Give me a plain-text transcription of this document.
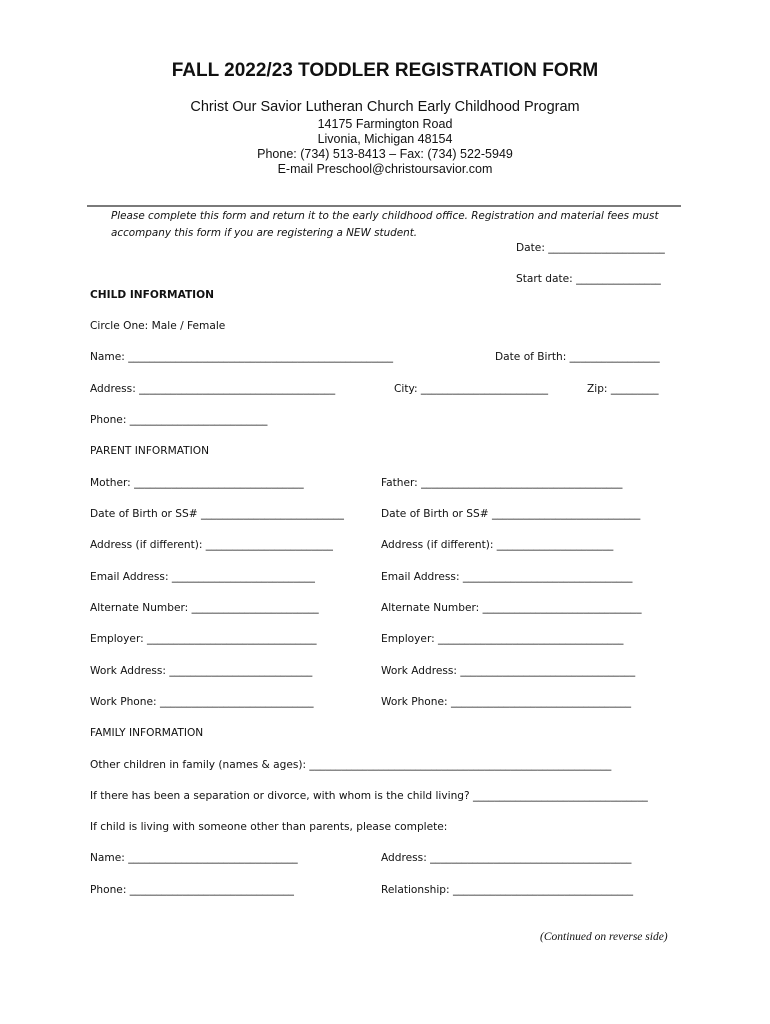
FALL 2022/23 TODDLER REGISTRATION FORM
Christ Our Savior Lutheran Church Early Childhood Program
14175 Farmington Road
Livonia, Michigan 48154
Phone: (734) 513-8413 – Fax: (734) 522-5949
E-mail Preschool@christoursavior.com
Please complete this form and return it to the early childhood office. Registration and material fees must
accompany this form if you are registering a NEW student.
Date: ______________________
Start date: ________________
CHILD INFORMATION
Circle One: Male / Female
Name: __________________________________________________	Date of Birth: _________________
Address: _____________________________________	City: ________________________	Zip: _________
Phone: __________________________
PARENT INFORMATION
Mother: ________________________________	Father: ______________________________________
Date of Birth or SS# ___________________________	Date of Birth or SS# ____________________________
Address (if different): ________________________	Address (if different): ______________________
Email Address: ___________________________	Email Address: ________________________________
Alternate Number: ________________________	Alternate Number: ______________________________
Employer: ________________________________	Employer: ___________________________________
Work Address: ___________________________	Work Address: _________________________________
Work Phone: _____________________________	Work Phone: __________________________________
FAMILY INFORMATION
Other children in family (names & ages): _________________________________________________________
If there has been a separation or divorce, with whom is the child living? _________________________________
If child is living with someone other than parents, please complete:
Name: ________________________________	Address: ______________________________________
Phone: _______________________________	Relationship: __________________________________
(Continued on reverse side)
